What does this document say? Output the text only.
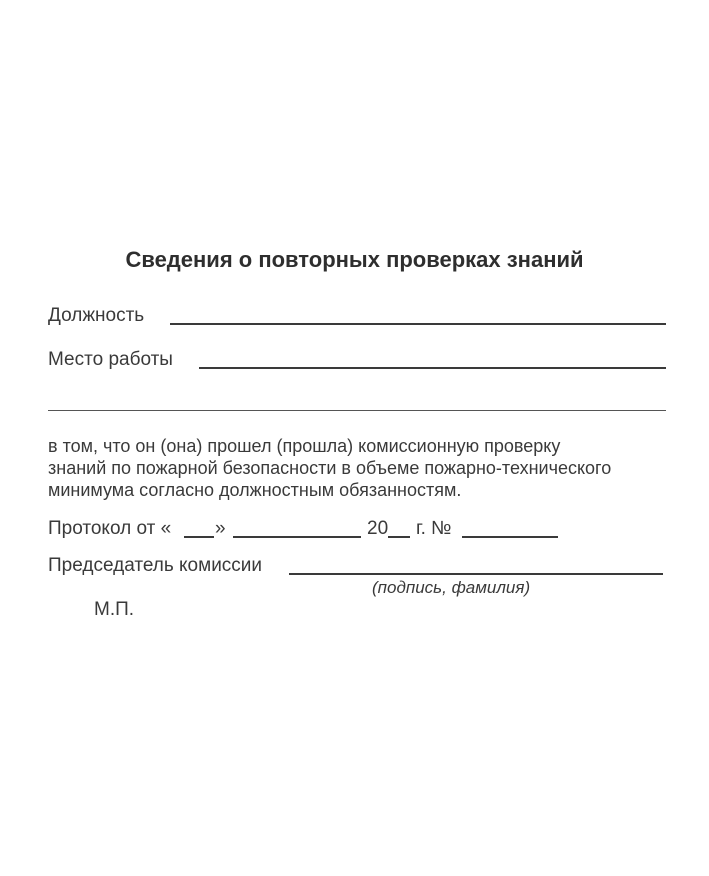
Сведения о повторных проверках знаний
Должность
Место работы
в том, что он (она) прошел (прошла) комиссионную проверку
знаний по пожарной безопасности в объеме пожарно-технического
минимума согласно должностным обязанностям.
Протокол от « »	20 г. №
Председатель комиссии
(подпись, фамилия)
М.П.
